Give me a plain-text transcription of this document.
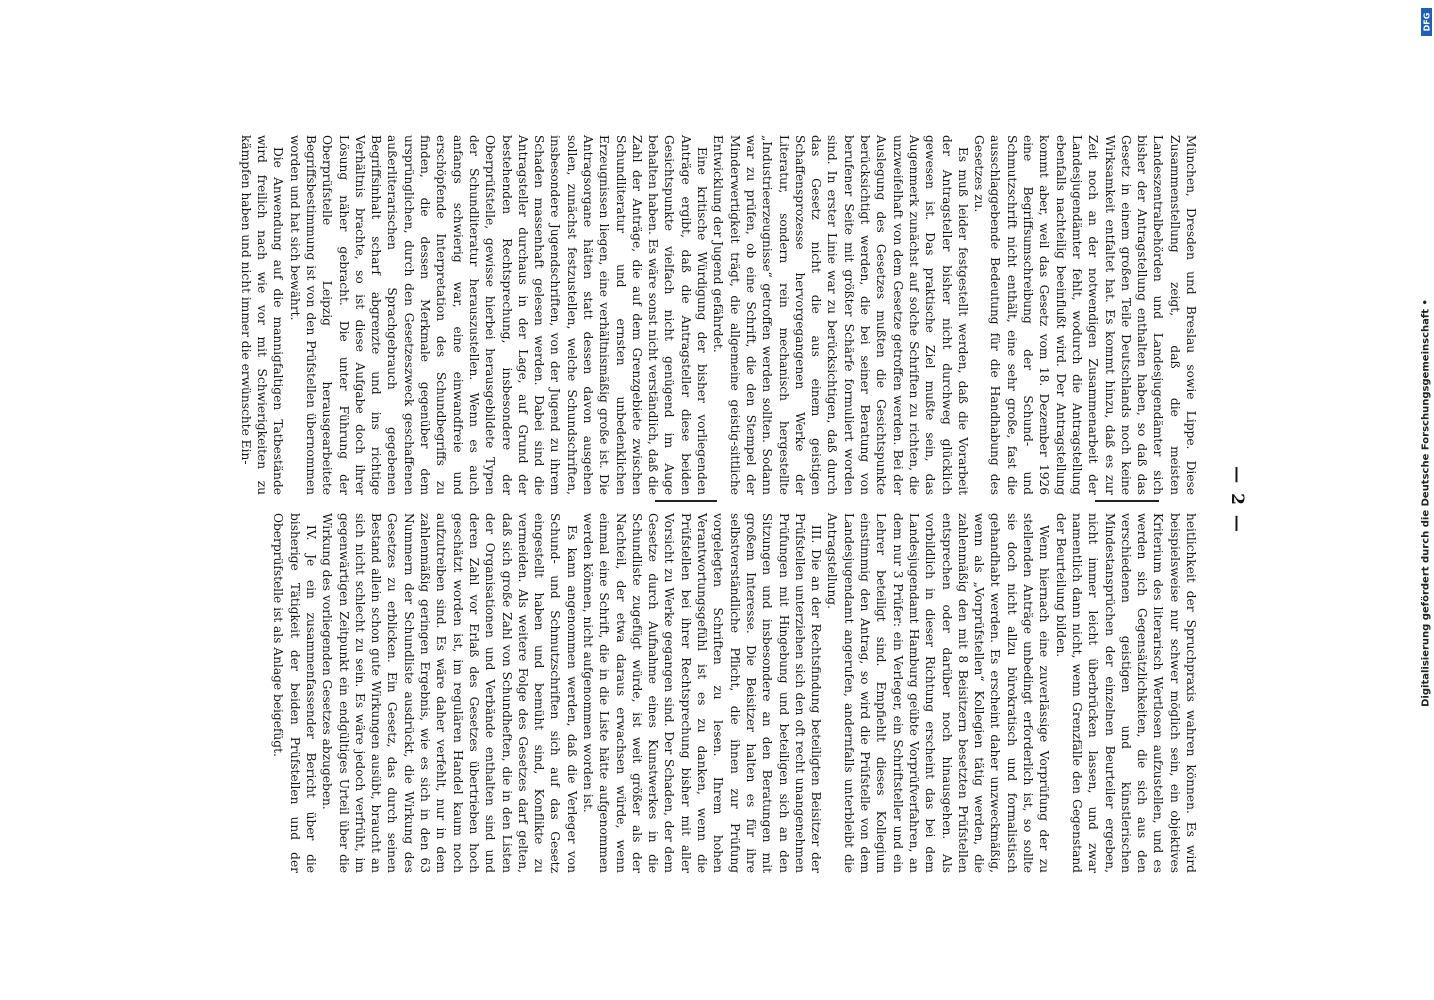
— 2 —

München, Dresden und Breslau sowie Lippe. Diese Zusammenstellung zeigt, daß die meisten Landeszentralbehörden und Landesjugendämter sich bisher der Antragstellung enthalten haben, so daß das Gesetz in einem großen Teile Deutschlands noch keine Wirksamkeit entfaltet hat. Es kommt hinzu, daß es zur Zeit noch an der notwendigen Zusammenarbeit der Landesjugendämter fehlt, wodurch die Antragstellung ebenfalls nachteilig beeinflußt wird. Der Antragstellung kommt aber, weil das Gesetz vom 18. Dezember 1926 eine Begriffsumschreibung der Schund- und Schmutzschrift nicht enthält, eine sehr große, fast die ausschlaggebende Bedeutung für die Handhabung des Gesetzes zu.

Es muß leider festgestellt werden, daß die Vorarbeit der Antragsteller bisher nicht durchweg glücklich gewesen ist. Das praktische Ziel mußte sein, das Augenmerk zunächst auf solche Schriften zu richten, die unzweifelhaft von dem Gesetze getroffen werden. Bei der Auslegung des Gesetzes mußten die Gesichtspunkte berücksichtigt werden, die bei seiner Beratung von berufener Seite mit größter Schärfe formuliert worden sind. In erster Linie war zu berücksichtigen, daß durch das Gesetz nicht die aus einem geistigen Schaffensprozesse hervorgegangenen Werke der Literatur, sondern rein mechanisch hergestellte „Industrieerzeugnisse“ getroffen werden sollten. Sodann war zu prüfen, ob eine Schrift, die den Stempel der Minderwertigkeit trägt, die allgemeine geistig-sittliche Entwicklung der Jugend gefährdet.

Eine kritische Würdigung der bisher vorliegenden Anträge ergibt, daß die Antragsteller diese beiden Gesichtspunkte vielfach nicht genügend im Auge behalten haben. Es wäre sonst nicht verständlich, daß die Zahl der Anträge, die auf dem Grenzgebiete zwischen Schundliteratur und ernsten unbedenklichen Erzeugnissen liegen, eine verhältnismäßig große ist. Die Antragsorgane hätten statt dessen davon ausgehen sollen, zunächst festzustellen, welche Schundschriften, insbesondere Jugendschriften, von der Jugend zu ihrem Schaden massenhaft gelesen werden. Dabei sind die Antragsteller durchaus in der Lage, auf Grund der bestehenden Rechtsprechung, insbesondere der Oberprüfstelle, gewisse hierbei herausgebildete Typen der Schundliteratur herauszustellen. Wenn es auch anfangs schwierig war, eine einwandfreie und erschöpfende Interpretation des Schundbegriffs zu finden, die dessen Merkmale gegenüber dem ursprünglichen, durch den Gesetzeszweck geschaffenen außerliterarischen Sprachgebrauch gegebenen Begriffsinhalt scharf abgrenzte und ins richtige Verhältnis brachte, so ist diese Aufgabe doch ihrer Lösung näher gebracht. Die unter Führung der Oberprüfstelle Leipzig herausgearbeitete Begriffsbestimmung ist von den Prüfstellen übernommen worden und hat sich bewährt.

Die Anwendung auf die mannigfaltigen Tatbestände wird freilich nach wie vor mit Schwierigkeiten zu kämpfen haben und nicht immer die erwünschte Ein-

heitlichkeit der Spruchpraxis wahren können. Es wird beispielsweise nur schwer möglich sein, ein objektives Kriterium des literarisch Wertlosen aufzustellen, und es werden sich Gegensätzlichkeiten, die sich aus den verschiedenen geistigen und künstlerischen Mindestansprüchen der einzelnen Beurteiler ergeben, nicht immer leicht überbrücken lassen, und zwar namentlich dann nicht, wenn Grenzfälle den Gegenstand der Beurteilung bilden.

Wenn hiernach eine zuverlässige Vorprüfung der zu stellenden Anträge unbedingt erforderlich ist, so sollte sie doch nicht allzu bürokratisch und formalistisch gehandhabt werden. Es erscheint daher unzweckmäßig, wenn als „Vorprüfstellen“ Kollegien tätig werden, die zahlenmäßig den mit 8 Beisitzern besetzten Prüfstellen entsprechen oder darüber noch hinausgehen. Als vorbildlich in dieser Richtung erscheint das bei dem Landesjugendamt Hamburg geübte Vorprüfverfahren, an dem nur 3 Prüfer: ein Verleger, ein Schriftsteller und ein Lehrer beteiligt sind. Empfiehlt dieses Kollegium einstimmig den Antrag, so wird die Prüfstelle von dem Landesjugendamt angerufen, andernfalls unterbleibt die Antragstellung.

III. Die an der Rechtsfindung beteiligten Beisitzer der Prüfstellen unterziehen sich den oft recht unangenehmen Prüfungen mit Hingebung und beteiligen sich an den Sitzungen und insbesondere an den Beratungen mit großem Interesse. Die Beisitzer halten es für ihre selbstverständliche Pflicht, die ihnen zur Prüfung vorgelegten Schriften zu lesen. Ihrem hohen Verantwortungsgefühl ist es zu danken, wenn die Prüfstellen bei ihrer Rechtsprechung bisher mit aller Vorsicht zu Werke gegangen sind. Der Schaden, der dem Gesetze durch Aufnahme eines Kunstwerkes in die Schundliste zugefügt würde, ist weit größer als der Nachteil, der etwa daraus erwachsen würde, wenn einmal eine Schrift, die in die Liste hätte aufgenommen werden können, nicht aufgenommen worden ist.

Es kann angenommen werden, daß die Verleger von Schund- und Schmutzschriften sich auf das Gesetz eingestellt haben und bemüht sind, Konflikte zu vermeiden. Als weitere Folge des Gesetzes darf gelten, daß sich große Zahl von Schundheften, die in den Listen der Organisationen und Verbände enthalten sind und deren Zahl vor Erlaß des Gesetzes übertrieben hoch geschätzt worden ist, im regulären Handel kaum noch aufzutreiben sind. Es wäre daher verfehlt, nur in dem zahlenmäßig geringen Ergebnis, wie es sich in den 63 Nummern der Schundliste ausdrückt, die Wirkung des Gesetzes zu erblicken. Ein Gesetz, das durch seinen Bestand allein schon gute Wirkungen ausübt, braucht an sich nicht schlecht zu sein. Es wäre jedoch verfrüht, im gegenwärtigen Zeitpunkt ein endgültiges Urteil über die Wirkung des vorliegenden Gesetzes abzugeben.

IV. Je ein zusammenfassender Bericht über die bisherige Tätigkeit der beiden Prüfstellen und der Oberprüfstelle ist als Anlage beigefügt.	Digitalisierung gefördert durch die Deutsche Forschungsgemeinschaft •
DFG
